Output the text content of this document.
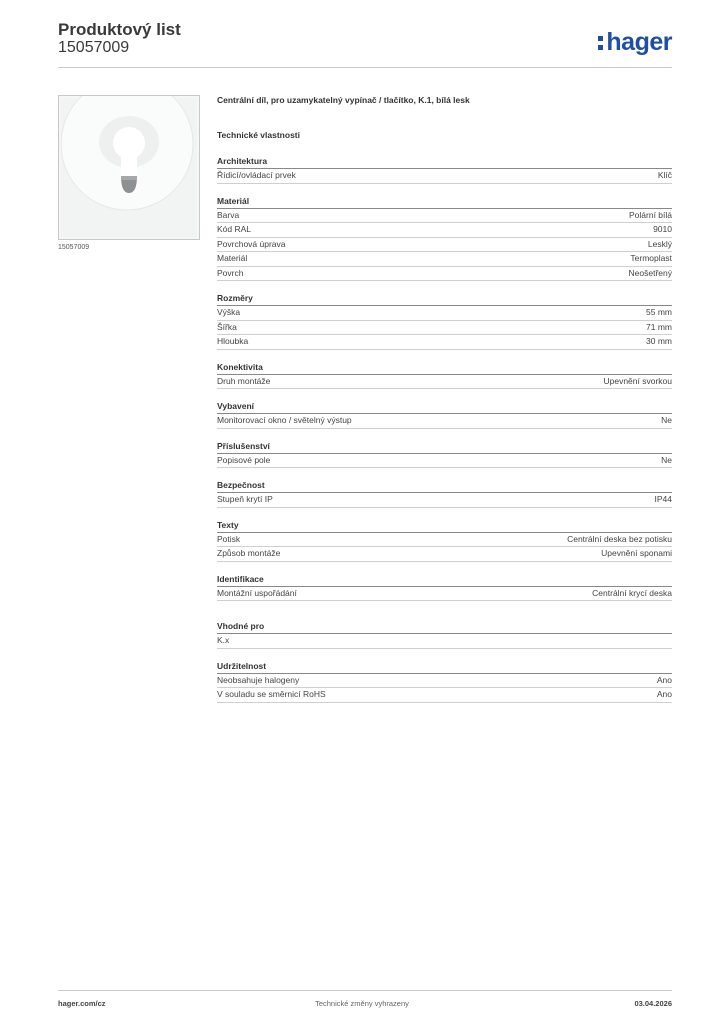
Produktový list
15057009	hager
15057009
Centrální díl, pro uzamykatelný vypínač / tlačítko, K.1, bílá lesk
Technické vlastnosti
Architektura
Řídicí/ovládací prvek	Klíč
Materiál
Barva	Polární bílá
Kód RAL	9010
Povrchová úprava	Lesklý
Materiál	Termoplast
Povrch	Neošetřený
Rozměry
Výška	55 mm
Šířka	71 mm
Hloubka	30 mm
Konektivita
Druh montáže	Upevnění svorkou
Vybavení
Monitorovací okno / světelný výstup	Ne
Příslušenství
Popisové pole	Ne
Bezpečnost
Stupeň krytí IP	IP44
Texty
Potisk	Centrální deska bez potisku
Způsob montáže	Upevnění sponami
Identifikace
Montážní uspořádání	Centrální krycí deska
Vhodné pro
K.x
Udržitelnost
Neobsahuje halogeny	Ano
V souladu se směrnicí RoHS	Ano
hager.com/cz	Technické změny vyhrazeny	03.04.2026
